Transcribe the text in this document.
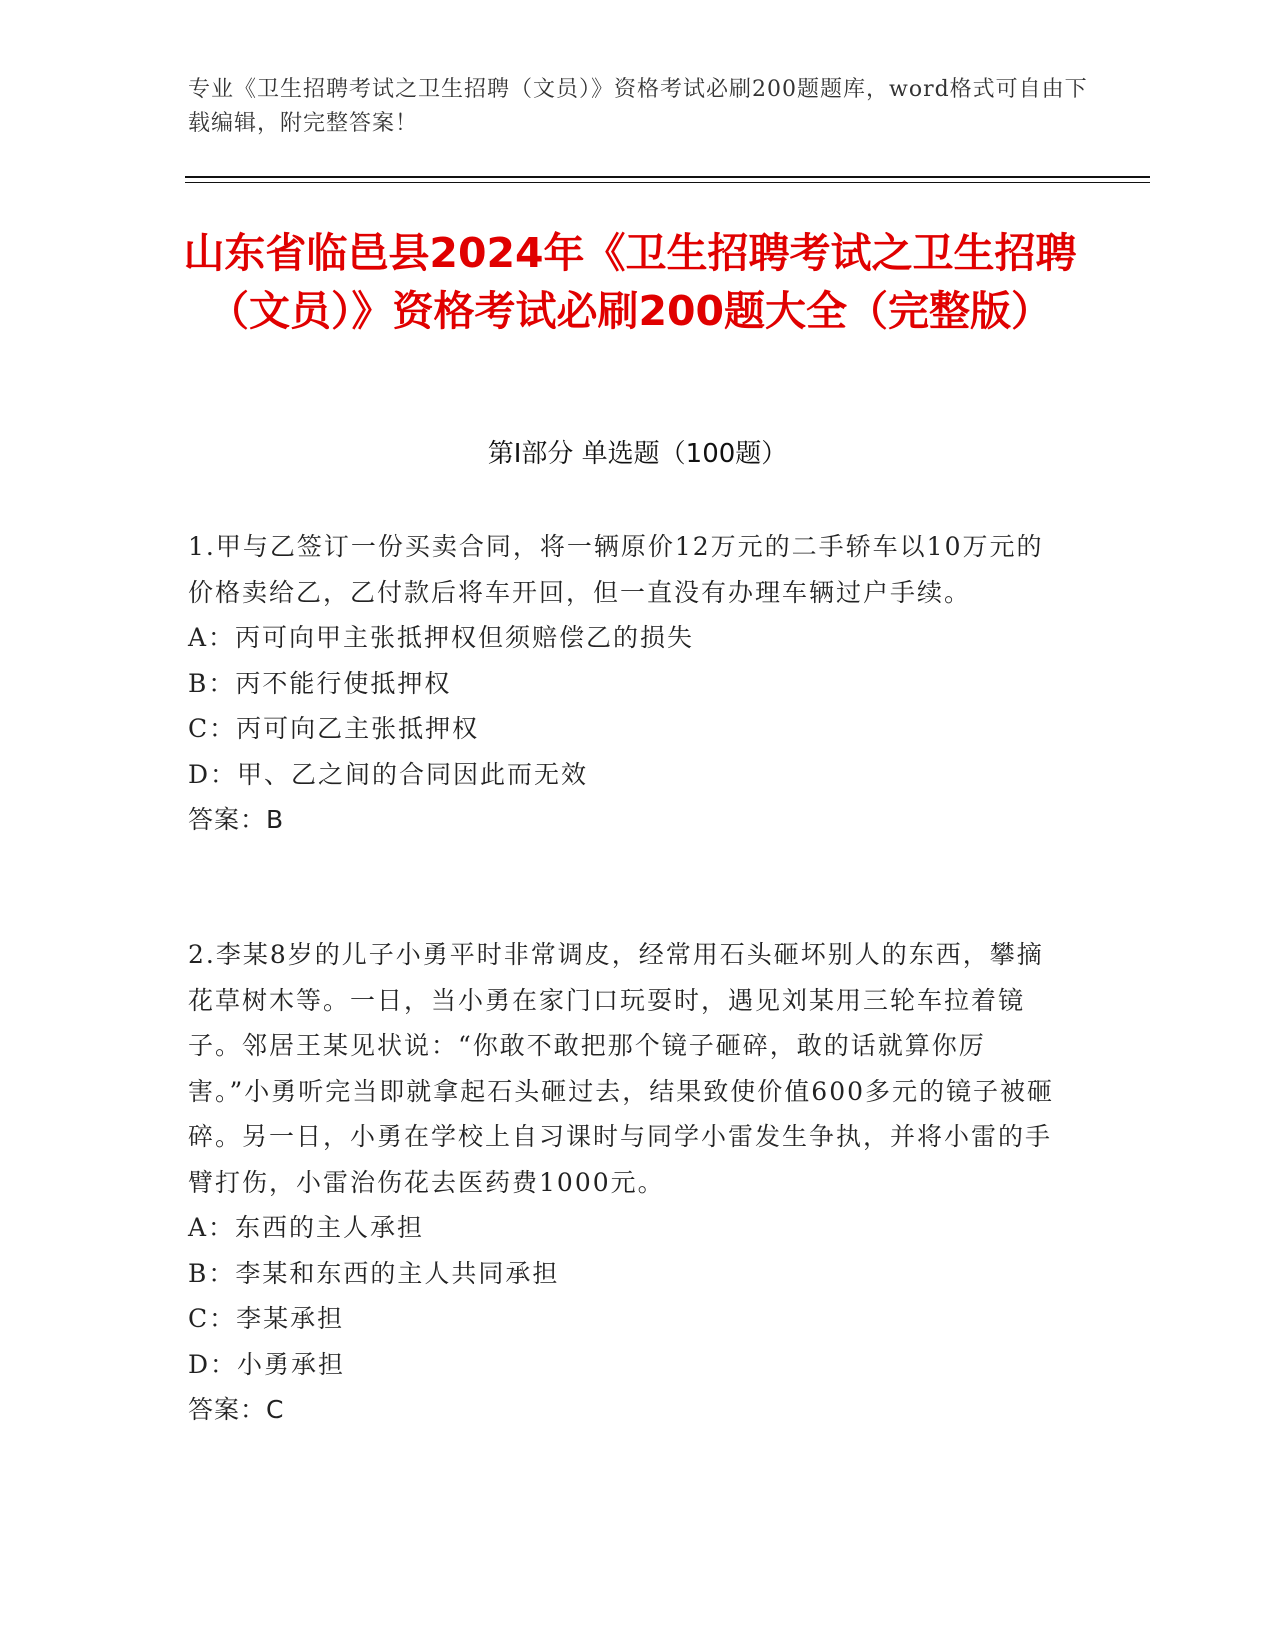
专业《卫生招聘考试之卫生招聘（文员）》资格考试必刷200题题库，word格式可自由下载编辑，附完整答案！
山东省临邑县2024年《卫生招聘考试之卫生招聘（文员）》资格考试必刷200题大全（完整版）
第Ⅰ部分 单选题（100题）

1.甲与乙签订一份买卖合同，将一辆原价12万元的二手轿车以10万元的价格卖给乙，乙付款后将车开回，但一直没有办理车辆过户手续。

A：丙可向甲主张抵押权但须赔偿乙的损失

B：丙不能行使抵押权

C：丙可向乙主张抵押权

D：甲、乙之间的合同因此而无效

答案：B

2.李某8岁的儿子小勇平时非常调皮，经常用石头砸坏别人的东西，攀摘花草树木等。一日，当小勇在家门口玩耍时，遇见刘某用三轮车拉着镜子。邻居王某见状说：“你敢不敢把那个镜子砸碎，敢的话就算你厉害。”小勇听完当即就拿起石头砸过去，结果致使价值600多元的镜子被砸碎。另一日，小勇在学校上自习课时与同学小雷发生争执，并将小雷的手臂打伤，小雷治伤花去医药费1000元。

A：东西的主人承担

B：李某和东西的主人共同承担

C：李某承担

D：小勇承担

答案：C
